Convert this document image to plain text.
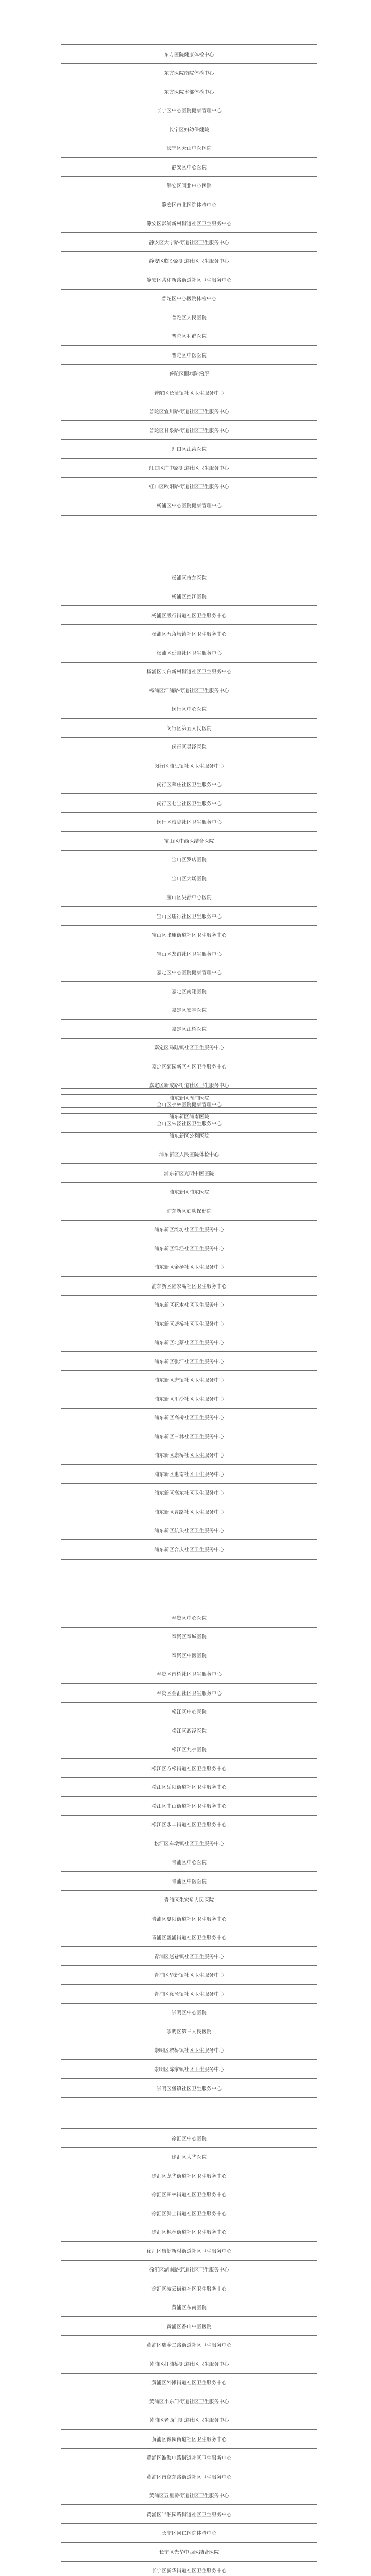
东方医院健康体检中心
东方医院南院体检中心
东方医院本部体检中心
长宁区中心医院健康管理中心
长宁区妇幼保健院
长宁区天山中医医院
静安区中心医院
静安区闸北中心医院
静安区市北医院体检中心
静安区彭浦新村街道社区卫生服务中心
静安区大宁路街道社区卫生服务中心
静安区临汾路街道社区卫生服务中心
静安区共和新路街道社区卫生服务中心
普陀区中心医院体检中心
普陀区人民医院
普陀区利群医院
普陀区中医医院
普陀区眼病防治所
普陀区长征镇社区卫生服务中心
普陀区宜川路街道社区卫生服务中心
普陀区甘泉路街道社区卫生服务中心
虹口区江湾医院
虹口区广中路街道社区卫生服务中心
虹口区欧阳路街道社区卫生服务中心
杨浦区中心医院健康管理中心
杨浦区市东医院
杨浦区控江医院
杨浦区殷行街道社区卫生服务中心
杨浦区五角场镇社区卫生服务中心
杨浦区延吉社区卫生服务中心
杨浦区长白新村街道社区卫生服务中心
杨浦区江浦路街道社区卫生服务中心
闵行区中心医院
闵行区第五人民医院
闵行区吴泾医院
闵行区浦江镇社区卫生服务中心
闵行区莘庄社区卫生服务中心
闵行区七宝社区卫生服务中心
闵行区梅陇社区卫生服务中心
宝山区中西医结合医院
宝山区罗店医院
宝山区大场医院
宝山区吴淞中心医院
宝山区庙行社区卫生服务中心
宝山区张庙街道社区卫生服务中心
宝山区友谊社区卫生服务中心
嘉定区中心医院健康管理中心
嘉定区南翔医院
嘉定区安亭医院
嘉定区江桥医院
嘉定区马陆镇社区卫生服务中心
嘉定区菊园新区社区卫生服务中心
嘉定区新成路街道社区卫生服务中心
金山区亭林医院健康管理中心
金山区朱泾社区卫生服务中心
浦东新区周浦医院
浦东新区浦南医院
浦东新区公利医院
浦东新区人民医院体检中心
浦东新区光明中医医院
浦东新区浦东医院
浦东新区妇幼保健院
浦东新区潍坊社区卫生服务中心
浦东新区洋泾社区卫生服务中心
浦东新区金杨社区卫生服务中心
浦东新区陆家嘴社区卫生服务中心
浦东新区花木社区卫生服务中心
浦东新区塘桥社区卫生服务中心
浦东新区北蔡社区卫生服务中心
浦东新区张江社区卫生服务中心
浦东新区唐镇社区卫生服务中心
浦东新区川沙社区卫生服务中心
浦东新区高桥社区卫生服务中心
浦东新区三林社区卫生服务中心
浦东新区康桥社区卫生服务中心
浦东新区惠南社区卫生服务中心
浦东新区高东社区卫生服务中心
浦东新区曹路社区卫生服务中心
浦东新区航头社区卫生服务中心
浦东新区合庆社区卫生服务中心
奉贤区中心医院
奉贤区奉城医院
奉贤区中医医院
奉贤区南桥社区卫生服务中心
奉贤区金汇社区卫生服务中心
松江区中心医院
松江区泗泾医院
松江区九亭医院
松江区方松街道社区卫生服务中心
松江区岳阳街道社区卫生服务中心
松江区中山街道社区卫生服务中心
松江区永丰街道社区卫生服务中心
松江区车墩镇社区卫生服务中心
青浦区中心医院
青浦区中医医院
青浦区朱家角人民医院
青浦区夏阳街道社区卫生服务中心
青浦区盈浦街道社区卫生服务中心
青浦区赵巷镇社区卫生服务中心
青浦区华新镇社区卫生服务中心
青浦区徐泾镇社区卫生服务中心
崇明区中心医院
崇明区第三人民医院
崇明区城桥镇社区卫生服务中心
崇明区陈家镇社区卫生服务中心
崇明区堡镇社区卫生服务中心
徐汇区中心医院
徐汇区大华医院
徐汇区龙华街道社区卫生服务中心
徐汇区田林街道社区卫生服务中心
徐汇区斜土街道社区卫生服务中心
徐汇区枫林街道社区卫生服务中心
徐汇区康健新村街道社区卫生服务中心
徐汇区湖南路街道社区卫生服务中心
徐汇区凌云街道社区卫生服务中心
黄浦区东南医院
黄浦区香山中医医院
黄浦区瑞金二路街道社区卫生服务中心
黄浦区打浦桥街道社区卫生服务中心
黄浦区外滩街道社区卫生服务中心
黄浦区小东门街道社区卫生服务中心
黄浦区老西门街道社区卫生服务中心
黄浦区豫园街道社区卫生服务中心
黄浦区淮海中路街道社区卫生服务中心
黄浦区南京东路街道社区卫生服务中心
黄浦区五里桥街道社区卫生服务中心
黄浦区半淞园路街道社区卫生服务中心
长宁区同仁医院体检中心
长宁区光华中西医结合医院
长宁区新华街道社区卫生服务中心
